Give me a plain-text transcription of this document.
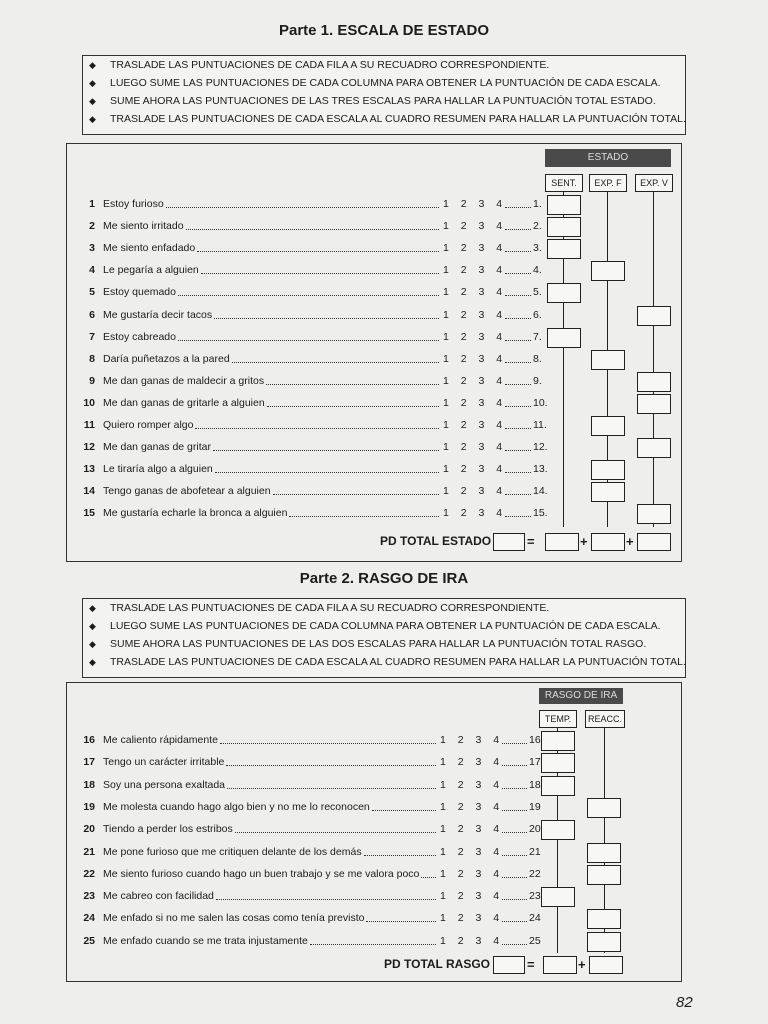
Parte 1. ESCALA DE ESTADO
◆ TRASLADE LAS PUNTUACIONES DE CADA FILA A SU RECUADRO CORRESPONDIENTE.
◆ LUEGO SUME LAS PUNTUACIONES DE CADA COLUMNA PARA OBTENER LA PUNTUACIÓN DE CADA ESCALA.
◆ SUME AHORA LAS PUNTUACIONES DE LAS TRES ESCALAS PARA HALLAR LA PUNTUACIÓN TOTAL ESTADO.
◆ TRASLADE LAS PUNTUACIONES DE CADA ESCALA AL CUADRO RESUMEN PARA HALLAR LA PUNTUACIÓN TOTAL.
ESTADO
SENT.	EXP. F	EXP. V
1 Estoy furioso	1 2 3 4	1.
2 Me siento irritado	1 2 3 4	2.
3 Me siento enfadado	1 2 3 4	3.
4 Le pegaría a alguien	1 2 3 4	4.
5 Estoy quemado	1 2 3 4	5.
6 Me gustaría decir tacos	1 2 3 4	6.
7 Estoy cabreado	1 2 3 4	7.
8 Daría puñetazos a la pared	1 2 3 4	8.
9 Me dan ganas de maldecir a gritos	1 2 3 4	9.
10 Me dan ganas de gritarle a alguien	1 2 3 4	10.
11 Quiero romper algo	1 2 3 4	11.
12 Me dan ganas de gritar	1 2 3 4	12.
13 Le tiraría algo a alguien	1 2 3 4	13.
14 Tengo ganas de abofetear a alguien	1 2 3 4	14.
15 Me gustaría echarle la bronca a alguien	1 2 3 4	15.
PD TOTAL ESTADO	=	+	+
Parte 2. RASGO DE IRA
◆ TRASLADE LAS PUNTUACIONES DE CADA FILA A SU RECUADRO CORRESPONDIENTE.
◆ LUEGO SUME LAS PUNTUACIONES DE CADA COLUMNA PARA OBTENER LA PUNTUACIÓN DE CADA ESCALA.
◆ SUME AHORA LAS PUNTUACIONES DE LAS DOS ESCALAS PARA HALLAR LA PUNTUACIÓN TOTAL RASGO.
◆ TRASLADE LAS PUNTUACIONES DE CADA ESCALA AL CUADRO RESUMEN PARA HALLAR LA PUNTUACIÓN TOTAL.
RASGO DE IRA
TEMP.	REACC.
16 Me caliento rápidamente	1 2 3 4	16
17 Tengo un carácter irritable	1 2 3 4	17
18 Soy una persona exaltada	1 2 3 4	18
19 Me molesta cuando hago algo bien y no me lo reconocen	1 2 3 4	19
20 Tiendo a perder los estribos	1 2 3 4	20
21 Me pone furioso que me critiquen delante de los demás	1 2 3 4	21
22 Me siento furioso cuando hago un buen trabajo y se me valora poco 1 2 3 4	22
23 Me cabreo con facilidad	1 2 3 4	23
24 Me enfado si no me salen las cosas como tenía previsto	1 2 3 4	24
25 Me enfado cuando se me trata injustamente	1 2 3 4	25
PD TOTAL RASGO	=	+
82
